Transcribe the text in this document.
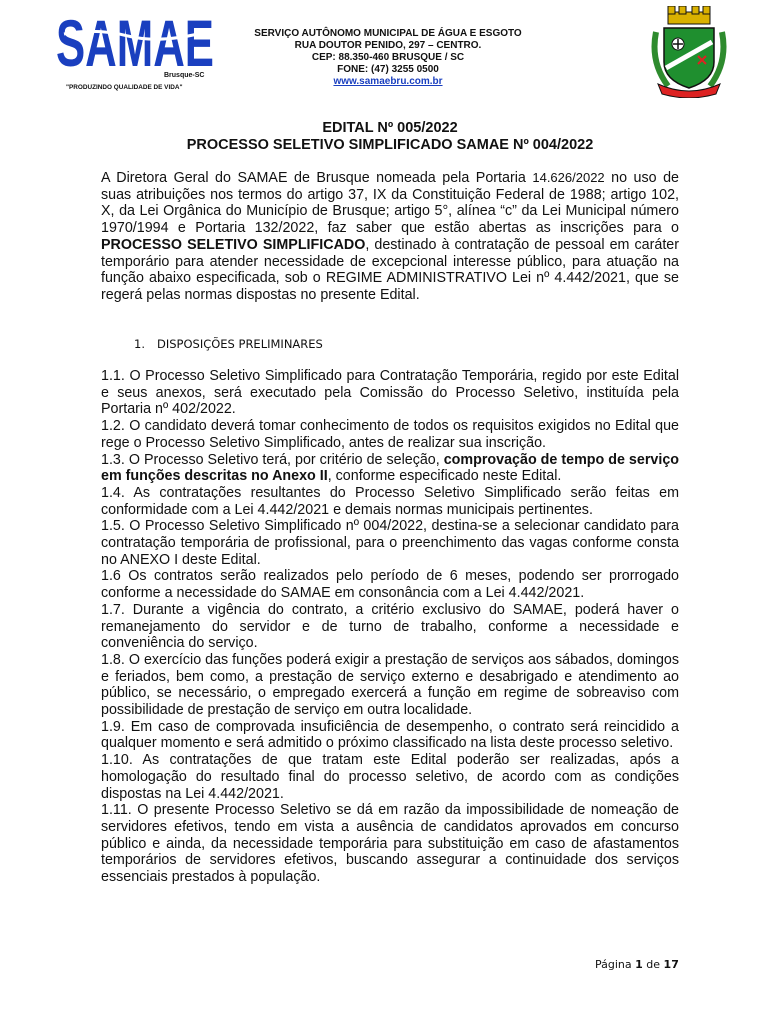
SAMAE
Brusque-SC
"PRODUZINDO QUALIDADE DE VIDA"
SERVIÇO AUTÔNOMO MUNICIPAL DE ÁGUA E ESGOTO
RUA DOUTOR PENIDO, 297 – CENTRO.
CEP: 88.350-460 BRUSQUE / SC
FONE: (47) 3255 0500
www.samaebru.com.br
EDITAL Nº 005/2022
PROCESSO SELETIVO SIMPLIFICADO SAMAE Nº 004/2022

A Diretora Geral do SAMAE de Brusque nomeada pela Portaria 14.626/2022 no uso de suas atribuições nos termos do artigo 37, IX da Constituição Federal de 1988; artigo 102, X, da Lei Orgânica do Município de Brusque; artigo 5°, alínea “c” da Lei Municipal número 1970/1994 e Portaria 132/2022, faz saber que estão abertas as inscrições para o PROCESSO SELETIVO SIMPLIFICADO, destinado à contratação de pessoal em caráter temporário para atender necessidade de excepcional interesse público, para atuação na função abaixo especificada, sob o REGIME ADMINISTRATIVO Lei nº 4.442/2021, que se regerá pelas normas dispostas no presente Edital.

1. DISPOSIÇÕES PRELIMINARES

1.1. O Processo Seletivo Simplificado para Contratação Temporária, regido por este Edital e seus anexos, será executado pela Comissão do Processo Seletivo, instituída pela Portaria nº 402/2022.

1.2. O candidato deverá tomar conhecimento de todos os requisitos exigidos no Edital que rege o Processo Seletivo Simplificado, antes de realizar sua inscrição.

1.3. O Processo Seletivo terá, por critério de seleção, comprovação de tempo de serviço em funções descritas no Anexo II, conforme especificado neste Edital.

1.4. As contratações resultantes do Processo Seletivo Simplificado serão feitas em conformidade com a Lei 4.442/2021 e demais normas municipais pertinentes.

1.5. O Processo Seletivo Simplificado nº 004/2022, destina-se a selecionar candidato para contratação temporária de profissional, para o preenchimento das vagas conforme consta no ANEXO I deste Edital.

1.6 Os contratos serão realizados pelo período de 6 meses, podendo ser prorrogado conforme a necessidade do SAMAE em consonância com a Lei 4.442/2021.

1.7. Durante a vigência do contrato, a critério exclusivo do SAMAE, poderá haver o remanejamento do servidor e de turno de trabalho, conforme a necessidade e conveniência do serviço.

1.8. O exercício das funções poderá exigir a prestação de serviços aos sábados, domingos e feriados, bem como, a prestação de serviço externo e desabrigado e atendimento ao público, se necessário, o empregado exercerá a função em regime de sobreaviso com possibilidade de prestação de serviço em outra localidade.

1.9. Em caso de comprovada insuficiência de desempenho, o contrato será reincidido a qualquer momento e será admitido o próximo classificado na lista deste processo seletivo.

1.10. As contratações de que tratam este Edital poderão ser realizadas, após a homologação do resultado final do processo seletivo, de acordo com as condições dispostas na Lei 4.442/2021.

1.11. O presente Processo Seletivo se dá em razão da impossibilidade de nomeação de servidores efetivos, tendo em vista a ausência de candidatos aprovados em concurso público e ainda, da necessidade temporária para substituição em caso de afastamentos temporários de servidores efetivos, buscando assegurar a continuidade dos serviços essenciais prestados à população.

Página 1 de 17
